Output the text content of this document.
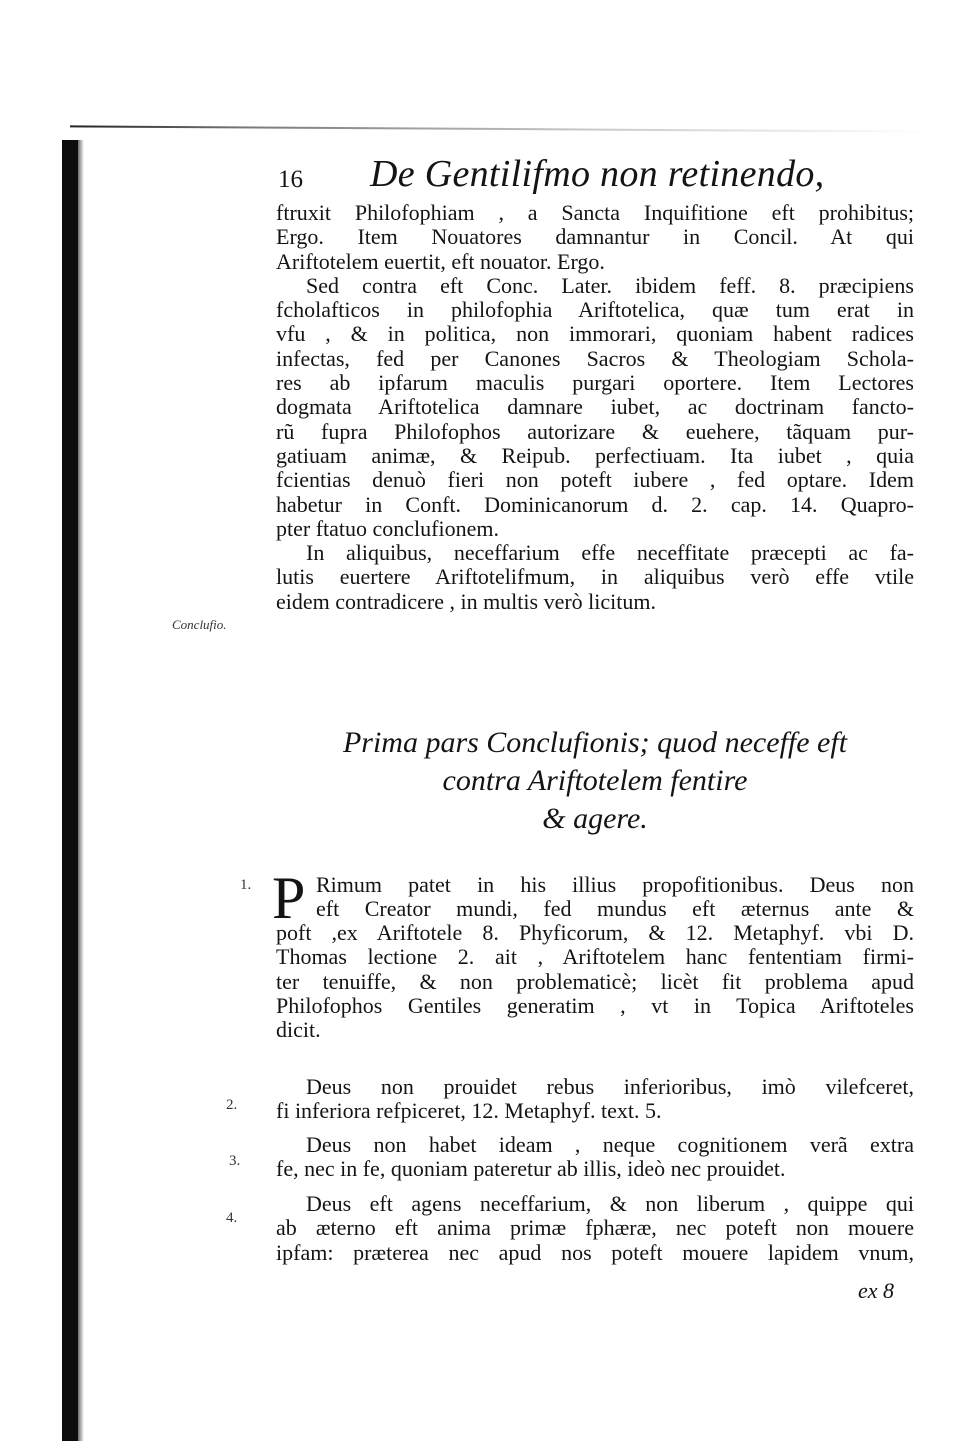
16 De Gentilifmo non retinendo,
ftruxit Philofophiam , a Sancta Inquifitione eft prohibitus;
Ergo. Item Nouatores damnantur in Concil. At qui
Ariftotelem euertit, eft nouator. Ergo.
Sed contra eft Conc. Later. ibidem feff. 8. præcipiens
fcholafticos in philofophia Ariftotelica, quæ tum erat in
vfu , & in politica, non immorari, quoniam habent radices
infectas, fed per Canones Sacros & Theologiam Schola-
res ab ipfarum maculis purgari oportere. Item Lectores
dogmata Ariftotelica damnare iubet, ac doctrinam fancto-
rũ fupra Philofophos autorizare & euehere, tãquam pur-
gatiuam animæ, & Reipub. perfectiuam. Ita iubet , quia
fcientias denuò fieri non poteft iubere , fed optare. Idem
habetur in Conft. Dominicanorum d. 2. cap. 14. Quapro-
pter ftatuo conclufionem.
In aliquibus, neceffarium effe neceffitate præcepti ac fa-
lutis euertere Ariftotelifmum, in aliquibus verò effe vtile
eidem contradicere , in multis verò licitum.
Conclufio.
Prima pars Conclufionis; quod neceffe eft
contra Ariftotelem fentire
& agere.
1. P Rimum patet in his illius propofitionibus. Deus non
eft Creator mundi, fed mundus eft æternus ante &
poft ,ex Ariftotele 8. Phyficorum, & 12. Metaphyf. vbi D.
Thomas lectione 2. ait , Ariftotelem hanc fententiam firmi-
ter tenuiffe, & non problematicè; licèt fit problema apud
Philofophos Gentiles generatim , vt in Topica Ariftoteles
dicit.
2.
Deus non prouidet rebus inferioribus, imò vilefceret,
fi inferiora refpiceret, 12. Metaphyf. text. 5.
3.
Deus non habet ideam , neque cognitionem verã extra
fe, nec in fe, quoniam pateretur ab illis, ideò nec prouidet.
4.
Deus eft agens neceffarium, & non liberum , quippe qui
ab æterno eft anima primæ fphæræ, nec poteft non mouere
ipfam: præterea nec apud nos poteft mouere lapidem vnum,
ex 8
